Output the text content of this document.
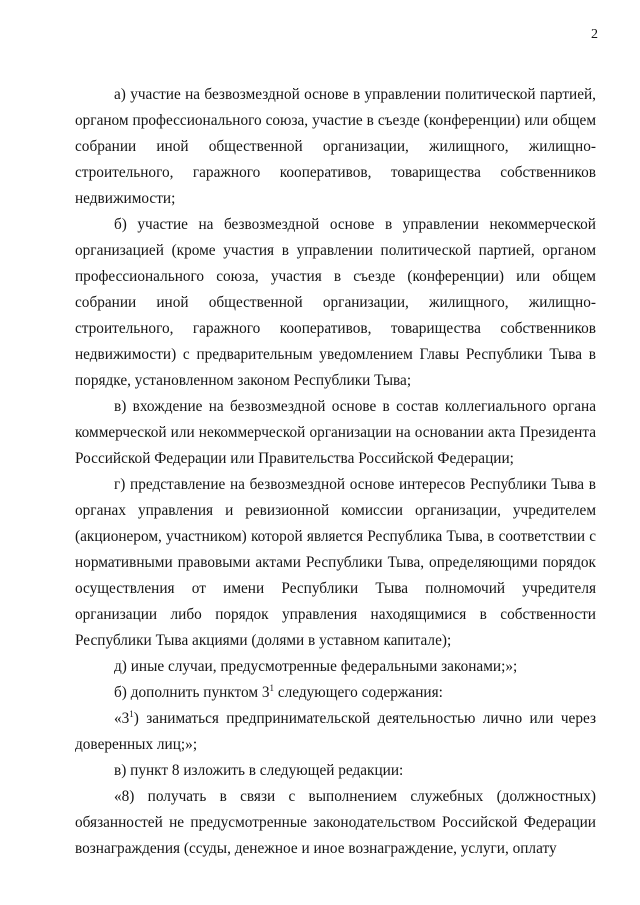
2

а) участие на безвозмездной основе в управлении политической партией, органом профессионального союза, участие в съезде (конференции) или общем собрании иной общественной организации, жилищного, жилищно-строительного, гаражного кооперативов, товарищества собственников недвижимости;

б) участие на безвозмездной основе в управлении некоммерческой организацией (кроме участия в управлении политической партией, органом профессионального союза, участия в съезде (конференции) или общем собрании иной общественной организации, жилищного, жилищно-строительного, гаражного кооперативов, товарищества собственников недвижимости) с предварительным уведомлением Главы Республики Тыва в порядке, установленном законом Республики Тыва;

в) вхождение на безвозмездной основе в состав коллегиального органа коммерческой или некоммерческой организации на основании акта Президента Российской Федерации или Правительства Российской Федерации;

г) представление на безвозмездной основе интересов Республики Тыва в органах управления и ревизионной комиссии организации, учредителем (акционером, участником) которой является Республика Тыва, в соответствии с нормативными правовыми актами Республики Тыва, определяющими порядок осуществления от имени Республики Тыва полномочий учредителя организации либо порядок управления находящимися в собственности Республики Тыва акциями (долями в уставном капитале);

д) иные случаи, предусмотренные федеральными законами;»;

б) дополнить пунктом $3^1$ следующего содержания:

«$3^1$) заниматься предпринимательской деятельностью лично или через доверенных лиц;»;

в) пункт 8 изложить в следующей редакции:

«8) получать в связи с выполнением служебных (должностных) обязанностей не предусмотренные законодательством Российской Федерации вознаграждения (ссуды, денежное и иное вознаграждение, услуги, оплату
